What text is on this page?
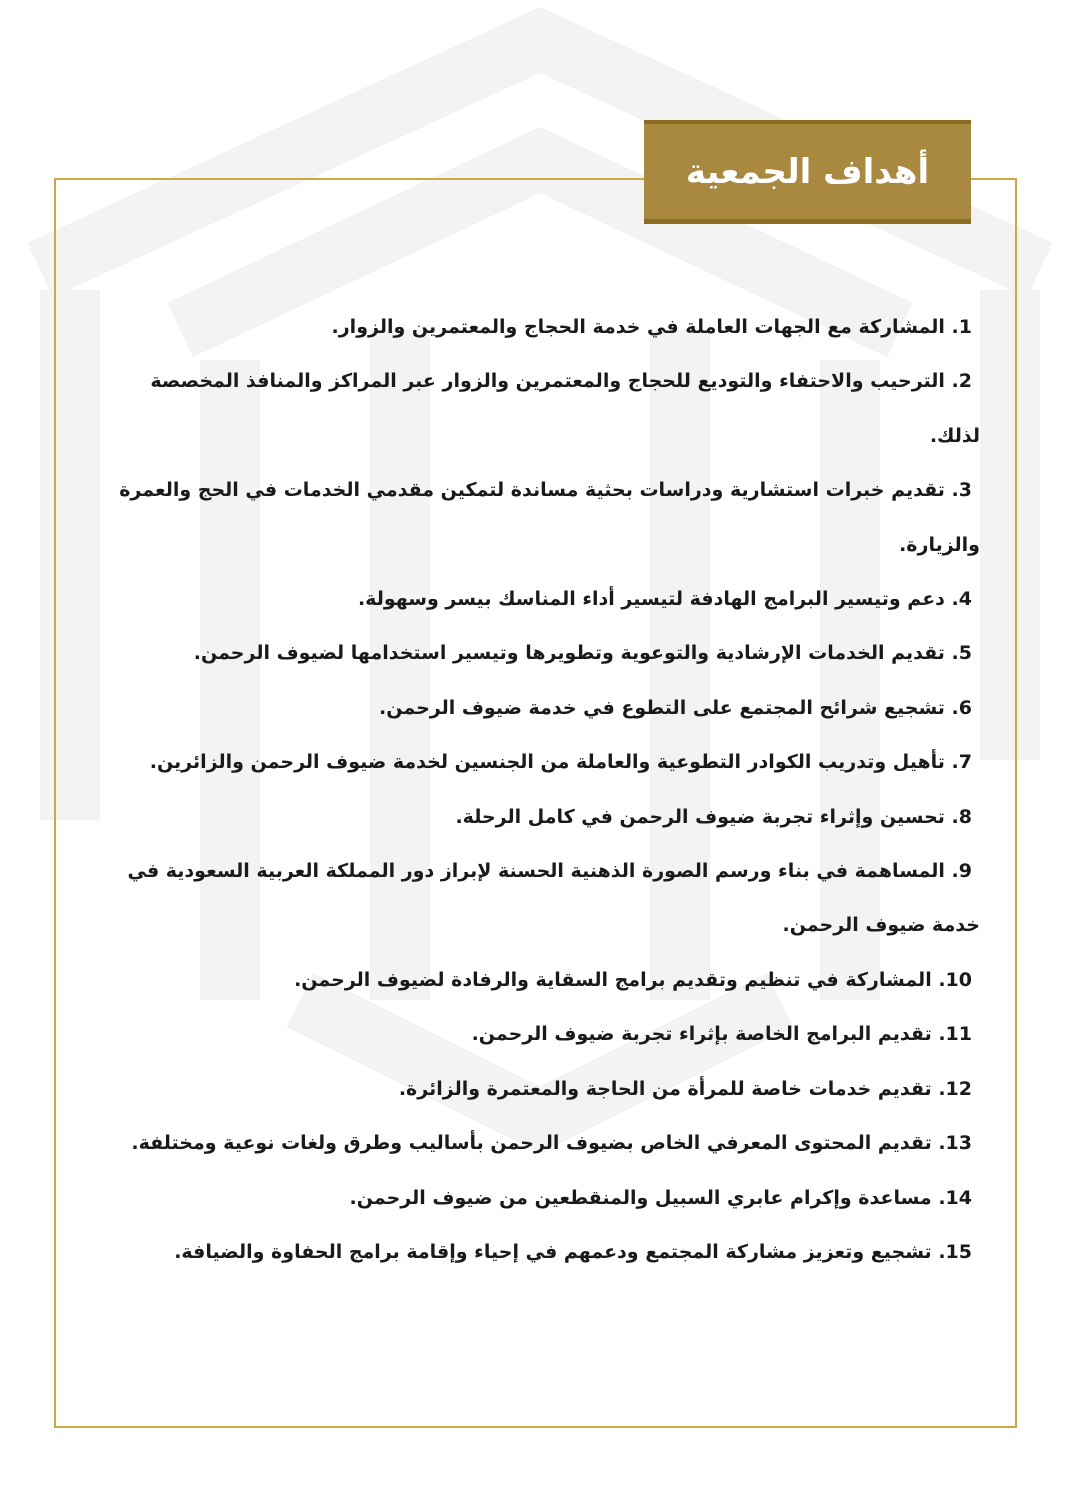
أهداف الجمعية
1. المشاركة مع الجهات العاملة في خدمة الحجاج والمعتمرين والزوار.
2. الترحيب والاحتفاء والتوديع للحجاج والمعتمرين والزوار عبر المراكز والمنافذ المخصصة لذلك.
3. تقديم خبرات استشارية ودراسات بحثية مساندة لتمكين مقدمي الخدمات في الحج والعمرة والزيارة.
4. دعم وتيسير البرامج الهادفة لتيسير أداء المناسك بيسر وسهولة.
5. تقديم الخدمات الإرشادية والتوعوية وتطويرها وتيسير استخدامها لضيوف الرحمن.
6. تشجيع شرائح المجتمع على التطوع في خدمة ضيوف الرحمن.
7. تأهيل وتدريب الكوادر التطوعية والعاملة من الجنسين لخدمة ضيوف الرحمن والزائرين.
8. تحسين وإثراء تجربة ضيوف الرحمن في كامل الرحلة.
9. المساهمة في بناء ورسم الصورة الذهنية الحسنة لإبراز دور المملكة العربية السعودية في خدمة ضيوف الرحمن.
10. المشاركة في تنظيم وتقديم برامج السقاية والرفادة لضيوف الرحمن.
11. تقديم البرامج الخاصة بإثراء تجربة ضيوف الرحمن.
12. تقديم خدمات خاصة للمرأة من الحاجة والمعتمرة والزائرة.
13. تقديم المحتوى المعرفي الخاص بضيوف الرحمن بأساليب وطرق ولغات نوعية ومختلفة.
14. مساعدة وإكرام عابري السبيل والمنقطعين من ضيوف الرحمن.
15. تشجيع وتعزيز مشاركة المجتمع ودعمهم في إحياء وإقامة برامج الحفاوة والضيافة.
